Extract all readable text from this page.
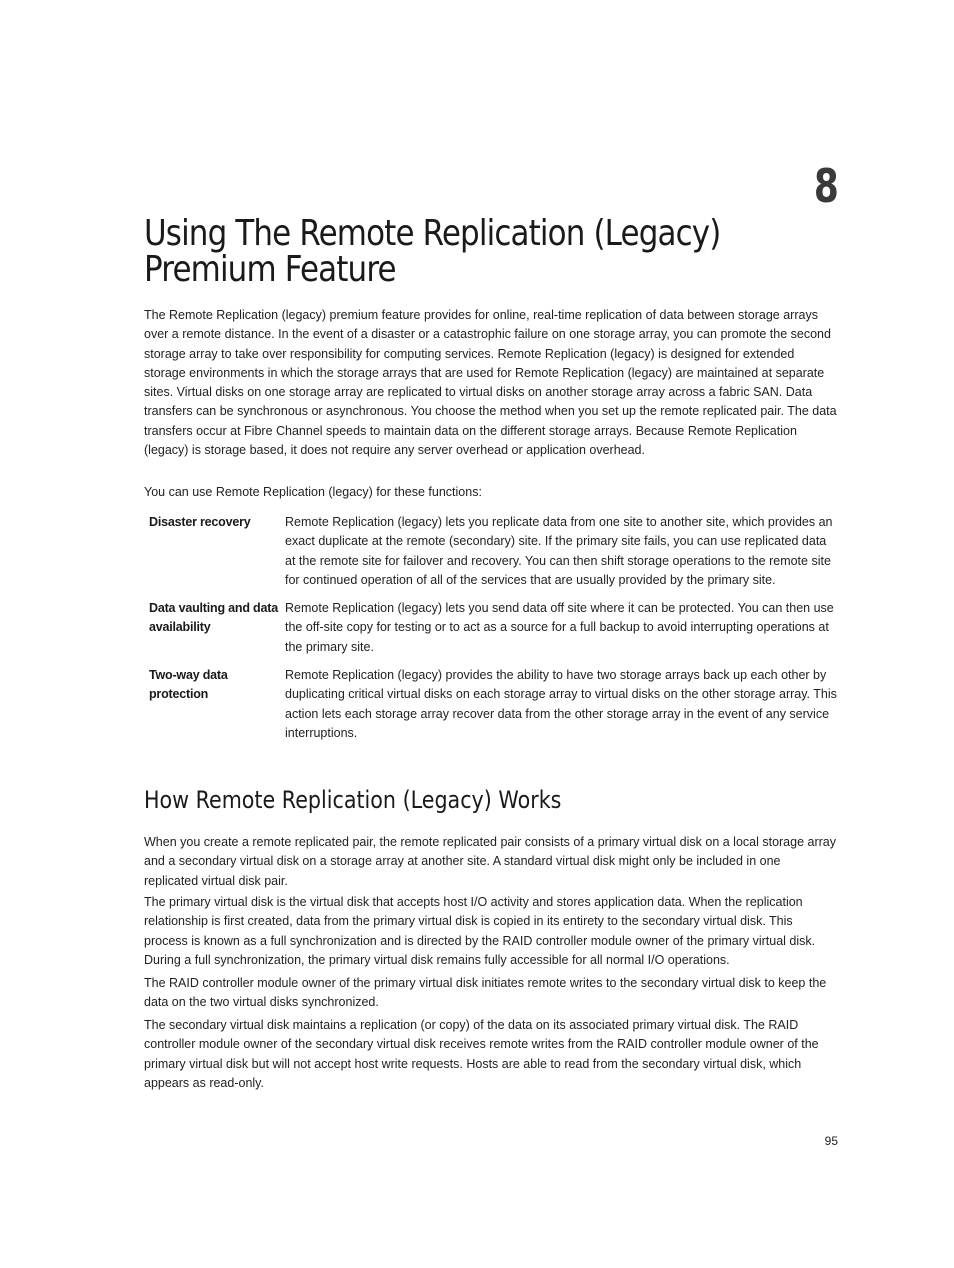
8
Using The Remote Replication (Legacy) Premium Feature

The Remote Replication (legacy) premium feature provides for online, real-time replication of data between storage arrays over a remote distance. In the event of a disaster or a catastrophic failure on one storage array, you can promote the second storage array to take over responsibility for computing services. Remote Replication (legacy) is designed for extended storage environments in which the storage arrays that are used for Remote Replication (legacy) are maintained at separate sites. Virtual disks on one storage array are replicated to virtual disks on another storage array across a fabric SAN. Data transfers can be synchronous or asynchronous. You choose the method when you set up the remote replicated pair. The data transfers occur at Fibre Channel speeds to maintain data on the different storage arrays. Because Remote Replication (legacy) is storage based, it does not require any server overhead or application overhead.

You can use Remote Replication (legacy) for these functions:

Disaster recovery	Remote Replication (legacy) lets you replicate data from one site to another site, which provides an exact duplicate at the remote (secondary) site. If the primary site fails, you can use replicated data at the remote site for failover and recovery. You can then shift storage operations to the remote site for continued operation of all of the services that are usually provided by the primary site.
Data vaulting and data availability
Remote Replication (legacy) lets you send data off site where it can be protected. You can then use the off-site copy for testing or to act as a source for a full backup to avoid interrupting operations at the primary site.
Two-way data protection
Remote Replication (legacy) provides the ability to have two storage arrays back up each other by duplicating critical virtual disks on each storage array to virtual disks on the other storage array. This action lets each storage array recover data from the other storage array in the event of any service interruptions.
How Remote Replication (Legacy) Works

When you create a remote replicated pair, the remote replicated pair consists of a primary virtual disk on a local storage array and a secondary virtual disk on a storage array at another site. A standard virtual disk might only be included in one replicated virtual disk pair.

The primary virtual disk is the virtual disk that accepts host I/O activity and stores application data. When the replication relationship is first created, data from the primary virtual disk is copied in its entirety to the secondary virtual disk. This process is known as a full synchronization and is directed by the RAID controller module owner of the primary virtual disk. During a full synchronization, the primary virtual disk remains fully accessible for all normal I/O operations.

The RAID controller module owner of the primary virtual disk initiates remote writes to the secondary virtual disk to keep the data on the two virtual disks synchronized.

The secondary virtual disk maintains a replication (or copy) of the data on its associated primary virtual disk. The RAID controller module owner of the secondary virtual disk receives remote writes from the RAID controller module owner of the primary virtual disk but will not accept host write requests. Hosts are able to read from the secondary virtual disk, which appears as read-only.

95
